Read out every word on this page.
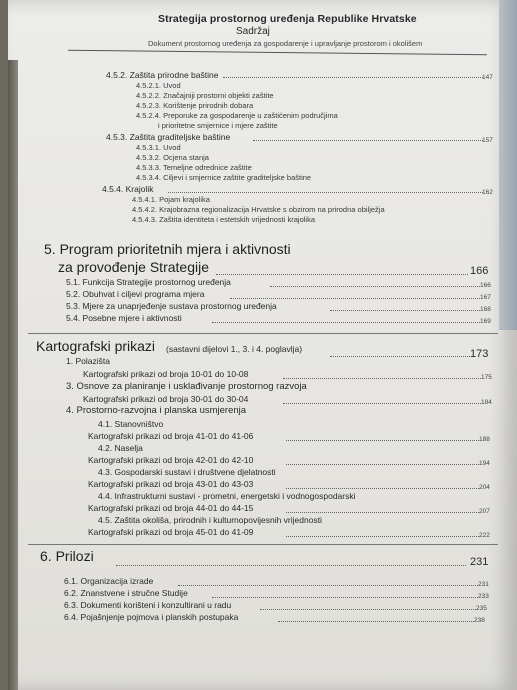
Strategija prostornog uređenja Republike Hrvatske
Sadržaj
Dokument prostornog uređenja za gospodarenje i upravljanje prostorom i okolišem
4.5.2. Zaštita prirodne baštine	147
4.5.2.1. Uvod
4.5.2.2. Značajniji prostorni objekti zaštite
4.5.2.3. Korištenje prirodnih dobara
4.5.2.4. Preporuke za gospodarenje u zaštićenim područjima
i prioritetne smjernice i mjere zaštite
4.5.3. Zaštita graditeljske baštine	157
4.5.3.1. Uvod
4.5.3.2. Ocjena stanja
4.5.3.3. Temeljne odrednice zaštite
4.5.3.4. Ciljevi i smjernice zaštite graditeljske baštine
4.5.4. Krajolik	162
4.5.4.1. Pojam krajolika
4.5.4.2. Krajobrazna regionalizacija Hrvatske s obzirom na prirodna obilježja
4.5.4.3. Zaštita identiteta i estetskih vrijednosti krajolika
5. Program prioritetnih mjera i aktivnosti
za provođenje Strategije	166
5.1. Funkcija Strategije prostornog uređenja	166
5.2. Obuhvat i ciljevi programa mjera	167
5.3. Mjere za unaprjeđenje sustava prostornog uređenja	168
5.4. Posebne mjere i aktivnosti	169
Kartografski prikazi (sastavni dijelovi 1., 3. i 4. poglavlja)	173
1. Polazišta
Kartografski prikazi od broja 10-01 do 10-08	175
3. Osnove za planiranje i usklađivanje prostornog razvoja
Kartografski prikazi od broja 30-01 do 30-04	184
4. Prostorno-razvojna i planska usmjerenja
4.1. Stanovništvo
Kartografski prikazi od broja 41-01 do 41-06	188
4.2. Naselja
Kartografski prikazi od broja 42-01 do 42-10	194
4.3. Gospodarski sustavi i društvene djelatnosti
Kartografski prikazi od broja 43-01 do 43-03	204
4.4. Infrastrukturni sustavi - prometni, energetski i vodnogospodarski
Kartografski prikazi od broja 44-01 do 44-15	207
4.5. Zaštita okoliša, prirodnih i kulturnopovijesnih vrijednosti
Kartografski prikazi od broja 45-01 do 41-09	222
6. Prilozi	231
6.1. Organizacija izrade	231
6.2. Znanstvene i stručne Studije	233
6.3. Dokumenti korišteni i konzultirani u radu	235
6.4. Pojašnjenje pojmova i planskih postupaka	238
